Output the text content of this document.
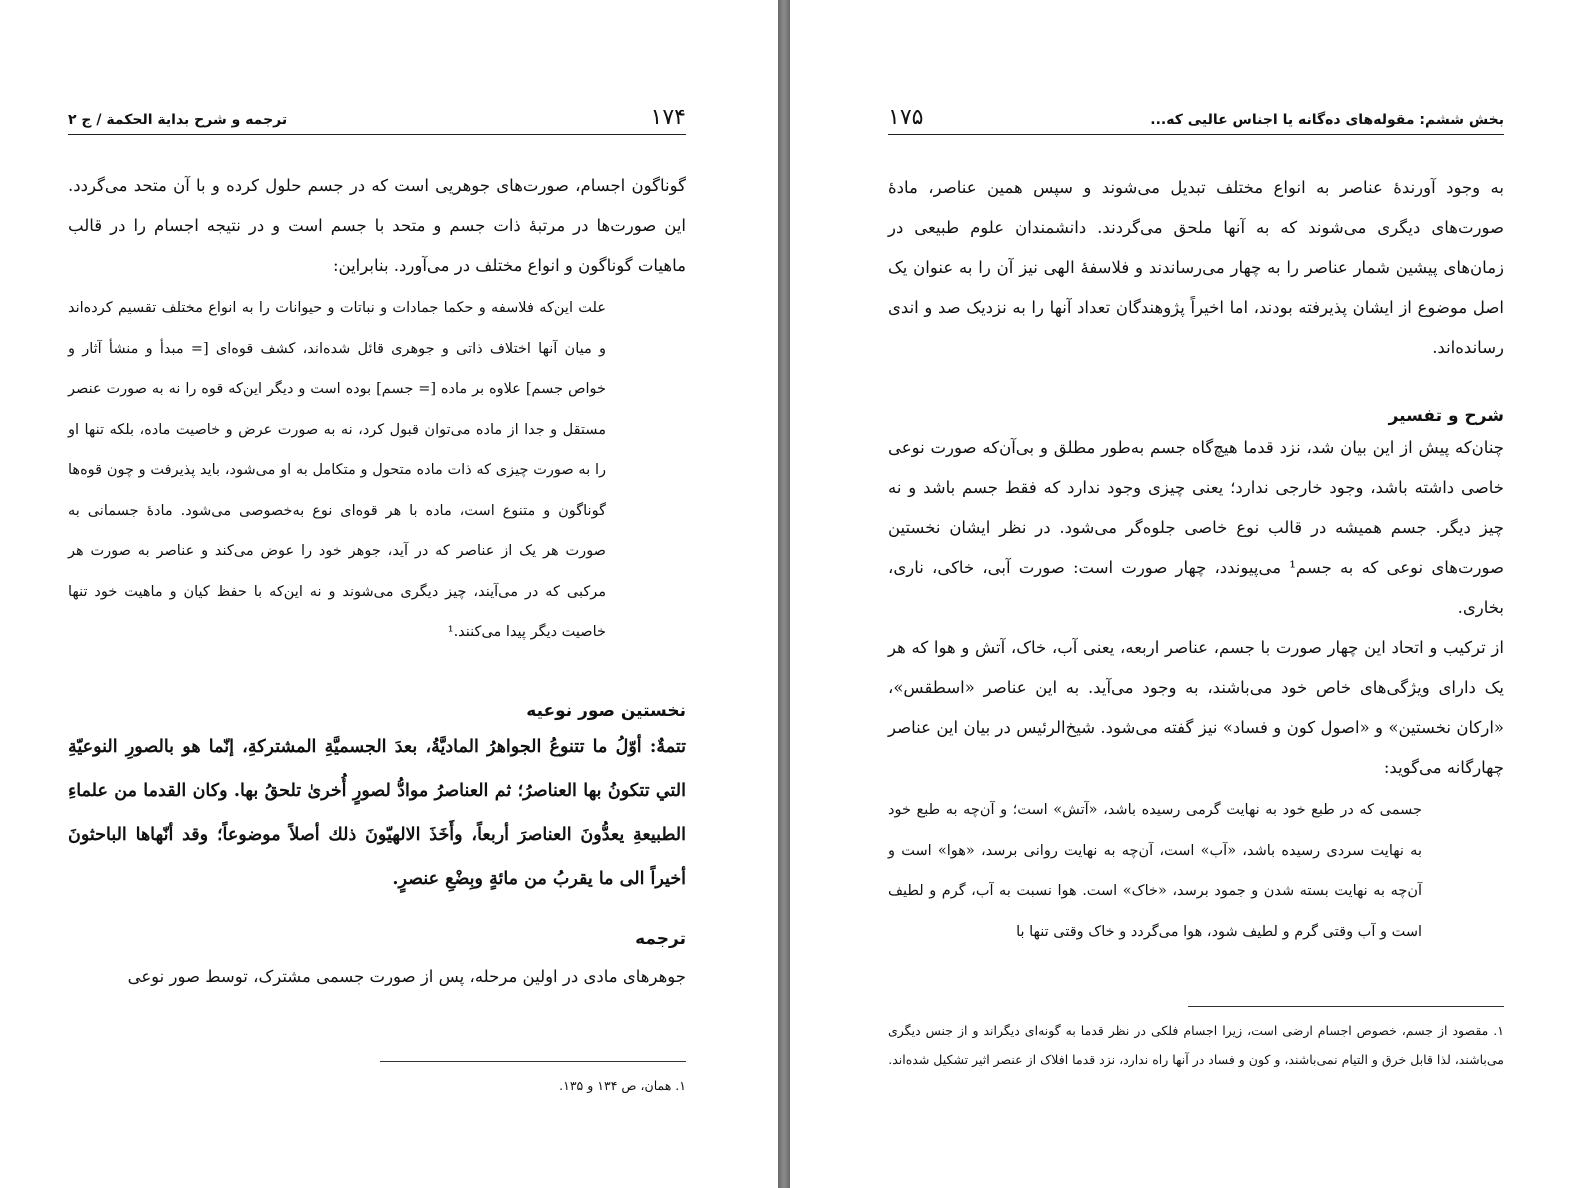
ترجمه و شرح بداية الحکمة / ج ۲	۱۷۴

گوناگون اجسام، صورت‌های جوهریی است که در جسم حلول کرده و با آن متحد می‌گردد. این صورت‌ها در مرتبهٔ ذات جسم و متحد با جسم است و در نتیجه اجسام را در قالب ماهیات گوناگون و انواع مختلف در می‌آورد. بنابراین:

علت این‌که فلاسفه و حکما جمادات و نباتات و حیوانات را به انواع مختلف تقسیم کرده‌اند و میان آنها اختلاف ذاتی و جوهری قائل شده‌اند، کشف قوه‌ای [= مبدأ و منشأ آثار و خواص جسم] علاوه بر ماده [= جسم] بوده است و دیگر این‌که قوه را نه به صورت عنصر مستقل و جدا از ماده می‌توان قبول کرد، نه به صورت عرض و خاصیت ماده، بلکه تنها او را به صورت چیزی که ذات ماده متحول و متکامل به او می‌شود، باید پذیرفت و چون قوه‌ها گوناگون و متنوع است، ماده با هر قوه‌ای نوع به‌خصوصی می‌شود. مادهٔ جسمانی به صورت هر یک از عناصر که در آید، جوهر خود را عوض می‌کند و عناصر به صورت هر مرکبی که در می‌آیند، چیز دیگری می‌شوند و نه این‌که با حفظ کیان و ماهیت خود تنها خاصیت دیگر پیدا می‌کنند.¹

نخستین صور نوعیه

تتمةٌ: أوّلُ ما تتنوعُ الجواهرُ الماديَّةُ، بعدَ الجسميَّةِ المشترکةِ، إنّما هو بالصورِ النوعيّةِ التي تتكونُ بها العناصرُ؛ ثم العناصرُ موادُّ لصورٍ أُخرىٰ تلحقُ بها. وكان القدما من علماءِ الطبيعةِ يعدُّونَ العناصرَ أربعاً، وأَخَذَ الالهيّونَ ذلك أصلاً موضوعاً؛ وقد أنّهاها الباحثونَ أخيراً الى ما يقربُ من مائةٍ وبِضْعِ عنصرٍ.

ترجمه

جوهرهای مادی در اولین مرحله، پس از صورت جسمی مشترک، توسط صور نوعی

۱. همان، ص ۱۳۴ و ۱۳۵.
بخش ششم: مقوله‌های ده‌گانه یا اجناس عالیی که...
۱۷۵

به وجود آورندهٔ عناصر به انواع مختلف تبدیل می‌شوند و سپس همین عناصر، مادهٔ صورت‌های دیگری می‌شوند که به آنها ملحق می‌گردند. دانشمندان علوم طبیعی در زمان‌های پیشین شمار عناصر را به چهار می‌رساندند و فلاسفهٔ الهی نیز آن را به عنوان یک اصل موضوع از ایشان پذیرفته بودند، اما اخیراً پژوهندگان تعداد آنها را به نزدیک صد و اندی رسانده‌اند.

شرح و تفسیر

چنان‌که پیش از این بیان شد، نزد قدما هیچ‌گاه جسم به‌طور مطلق و بی‌آن‌که صورت نوعی خاصی داشته باشد، وجود خارجی ندارد؛ یعنی چیزی وجود ندارد که فقط جسم باشد و نه چیز دیگر. جسم همیشه در قالب نوع خاصی جلوه‌گر می‌شود. در نظر ایشان نخستین صورت‌های نوعی که به جسم¹ می‌پیوندد، چهار صورت است: صورت آبی، خاکی، ناری، بخاری.

از ترکیب و اتحاد این چهار صورت با جسم، عناصر اربعه، یعنی آب، خاک، آتش و هوا که هر یک دارای ویژگی‌های خاص خود می‌باشند، به وجود می‌آید. به این عناصر «اسطقس»، «ارکان نخستین» و «اصول کون و فساد» نیز گفته می‌شود. شیخ‌الرئیس در بیان این عناصر چهارگانه می‌گوید:

جسمی که در طبع خود به نهایت گرمی رسیده باشد، «آتش» است؛ و آن‌چه به طبع خود به نهایت سردی رسیده باشد، «آب» است، آن‌چه به نهایت روانی برسد، «هوا» است و آن‌چه به نهایت بسته شدن و جمود برسد، «خاک» است. هوا نسبت به آب، گرم و لطیف است و آب وقتی گرم و لطیف شود، هوا می‌گردد و خاک وقتی تنها با

۱. مقصود از جسم، خصوص اجسام ارضی است، زیرا اجسام فلکی در نظر قدما به گونه‌ای دیگراند و از جنس دیگری می‌باشند، لذا قابل خرق و التیام نمی‌باشند، و کون و فساد در آنها راه ندارد، نزد قدما افلاک از عنصر اثیر تشکیل شده‌اند.
